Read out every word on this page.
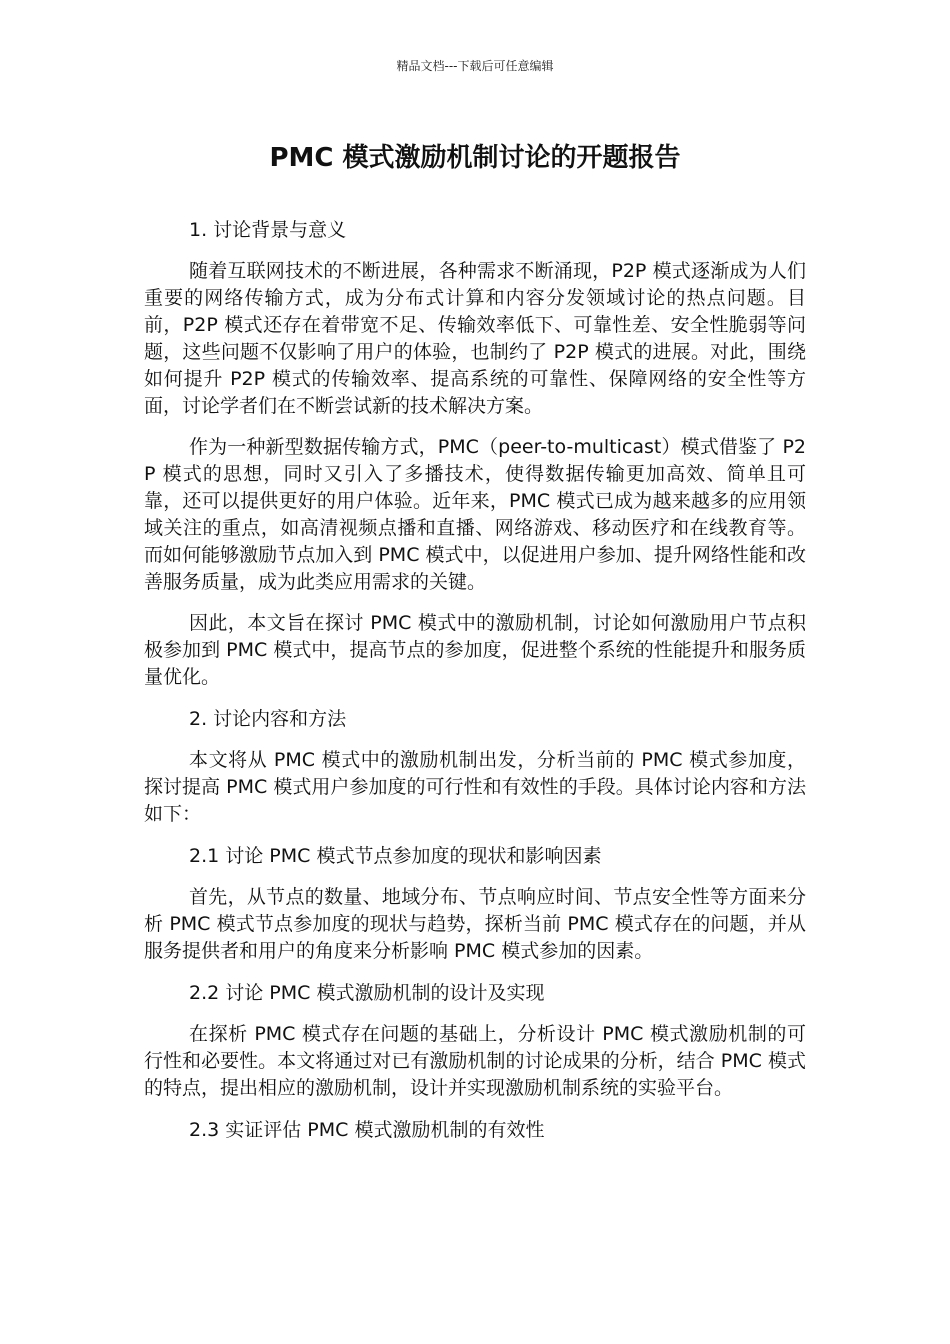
精品文档---下载后可任意编辑
PMC 模式激励机制讨论的开题报告

1. 讨论背景与意义

随着互联网技术的不断进展，各种需求不断涌现，P2P 模式逐渐成为人们重要的网络传输方式，成为分布式计算和内容分发领域讨论的热点问题。目前，P2P 模式还存在着带宽不足、传输效率低下、可靠性差、安全性脆弱等问题，这些问题不仅影响了用户的体验，也制约了 P2P 模式的进展。对此，围绕如何提升 P2P 模式的传输效率、提高系统的可靠性、保障网络的安全性等方面，讨论学者们在不断尝试新的技术解决方案。

作为一种新型数据传输方式，PMC（peer-to-multicast）模式借鉴了 P2P 模式的思想，同时又引入了多播技术，使得数据传输更加高效、简单且可靠，还可以提供更好的用户体验。近年来，PMC 模式已成为越来越多的应用领域关注的重点，如高清视频点播和直播、网络游戏、移动医疗和在线教育等。而如何能够激励节点加入到 PMC 模式中，以促进用户参加、提升网络性能和改善服务质量，成为此类应用需求的关键。

因此，本文旨在探讨 PMC 模式中的激励机制，讨论如何激励用户节点积极参加到 PMC 模式中，提高节点的参加度，促进整个系统的性能提升和服务质量优化。

2. 讨论内容和方法

本文将从 PMC 模式中的激励机制出发，分析当前的 PMC 模式参加度，探讨提高 PMC 模式用户参加度的可行性和有效性的手段。具体讨论内容和方法如下：

2.1 讨论 PMC 模式节点参加度的现状和影响因素

首先，从节点的数量、地域分布、节点响应时间、节点安全性等方面来分析 PMC 模式节点参加度的现状与趋势，探析当前 PMC 模式存在的问题，并从服务提供者和用户的角度来分析影响 PMC 模式参加的因素。

2.2 讨论 PMC 模式激励机制的设计及实现

在探析 PMC 模式存在问题的基础上，分析设计 PMC 模式激励机制的可行性和必要性。本文将通过对已有激励机制的讨论成果的分析，结合 PMC 模式的特点，提出相应的激励机制，设计并实现激励机制系统的实验平台。

2.3 实证评估 PMC 模式激励机制的有效性
